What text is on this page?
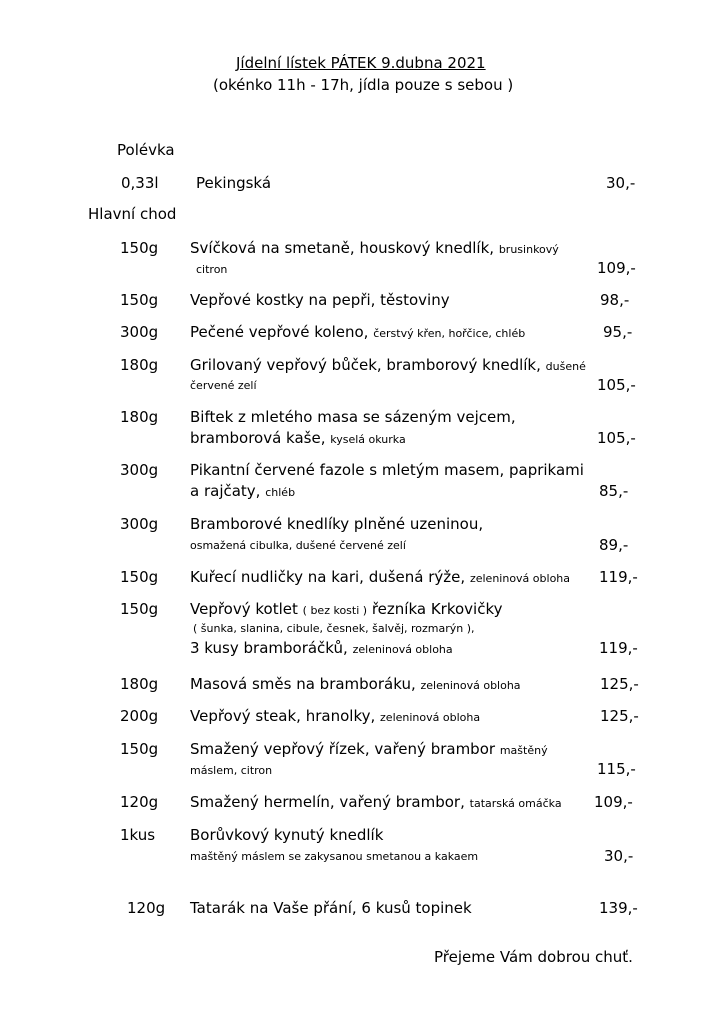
Jídelní lístek PÁTEK 9.dubna 2021
(okénko 11h - 17h, jídla pouze s sebou )
Polévka
0,33l Pekingská	30,-
Hlavní chod
150g Svíčková na smetaně, houskový knedlík, brusinkový
citron	109,-
150g Vepřové kostky na pepři, těstoviny	98,-
300g Pečené vepřové koleno, čerstvý křen, hořčice, chléb	95,-
180g Grilovaný vepřový bůček, bramborový knedlík, dušené
červené zelí	105,-
180g Biftek z mletého masa se sázeným vejcem,
bramborová kaše, kyselá okurka	105,-
300g Pikantní červené fazole s mletým masem, paprikami
a rajčaty, chléb	85,-
300g Bramborové knedlíky plněné uzeninou,
osmažená cibulka, dušené červené zelí	89,-
150g Kuřecí nudličky na kari, dušená rýže, zeleninová obloha 119,-
150g Vepřový kotlet ( bez kosti ) řezníka Krkovičky
( šunka, slanina, cibule, česnek, šalvěj, rozmarýn ),
3 kusy bramboráčků, zeleninová obloha	119,-
180g Masová směs na bramboráku, zeleninová obloha	125,-
200g Vepřový steak, hranolky, zeleninová obloha	125,-
150g Smažený vepřový řízek, vařený brambor maštěný
máslem, citron	115,-
120g Smažený hermelín, vařený brambor, tatarská omáčka 109,-
1kus Borůvkový kynutý knedlík
maštěný máslem se zakysanou smetanou a kakaem	30,-
120g Tatarák na Vaše přání, 6 kusů topinek	139,-
Přejeme Vám dobrou chuť.
